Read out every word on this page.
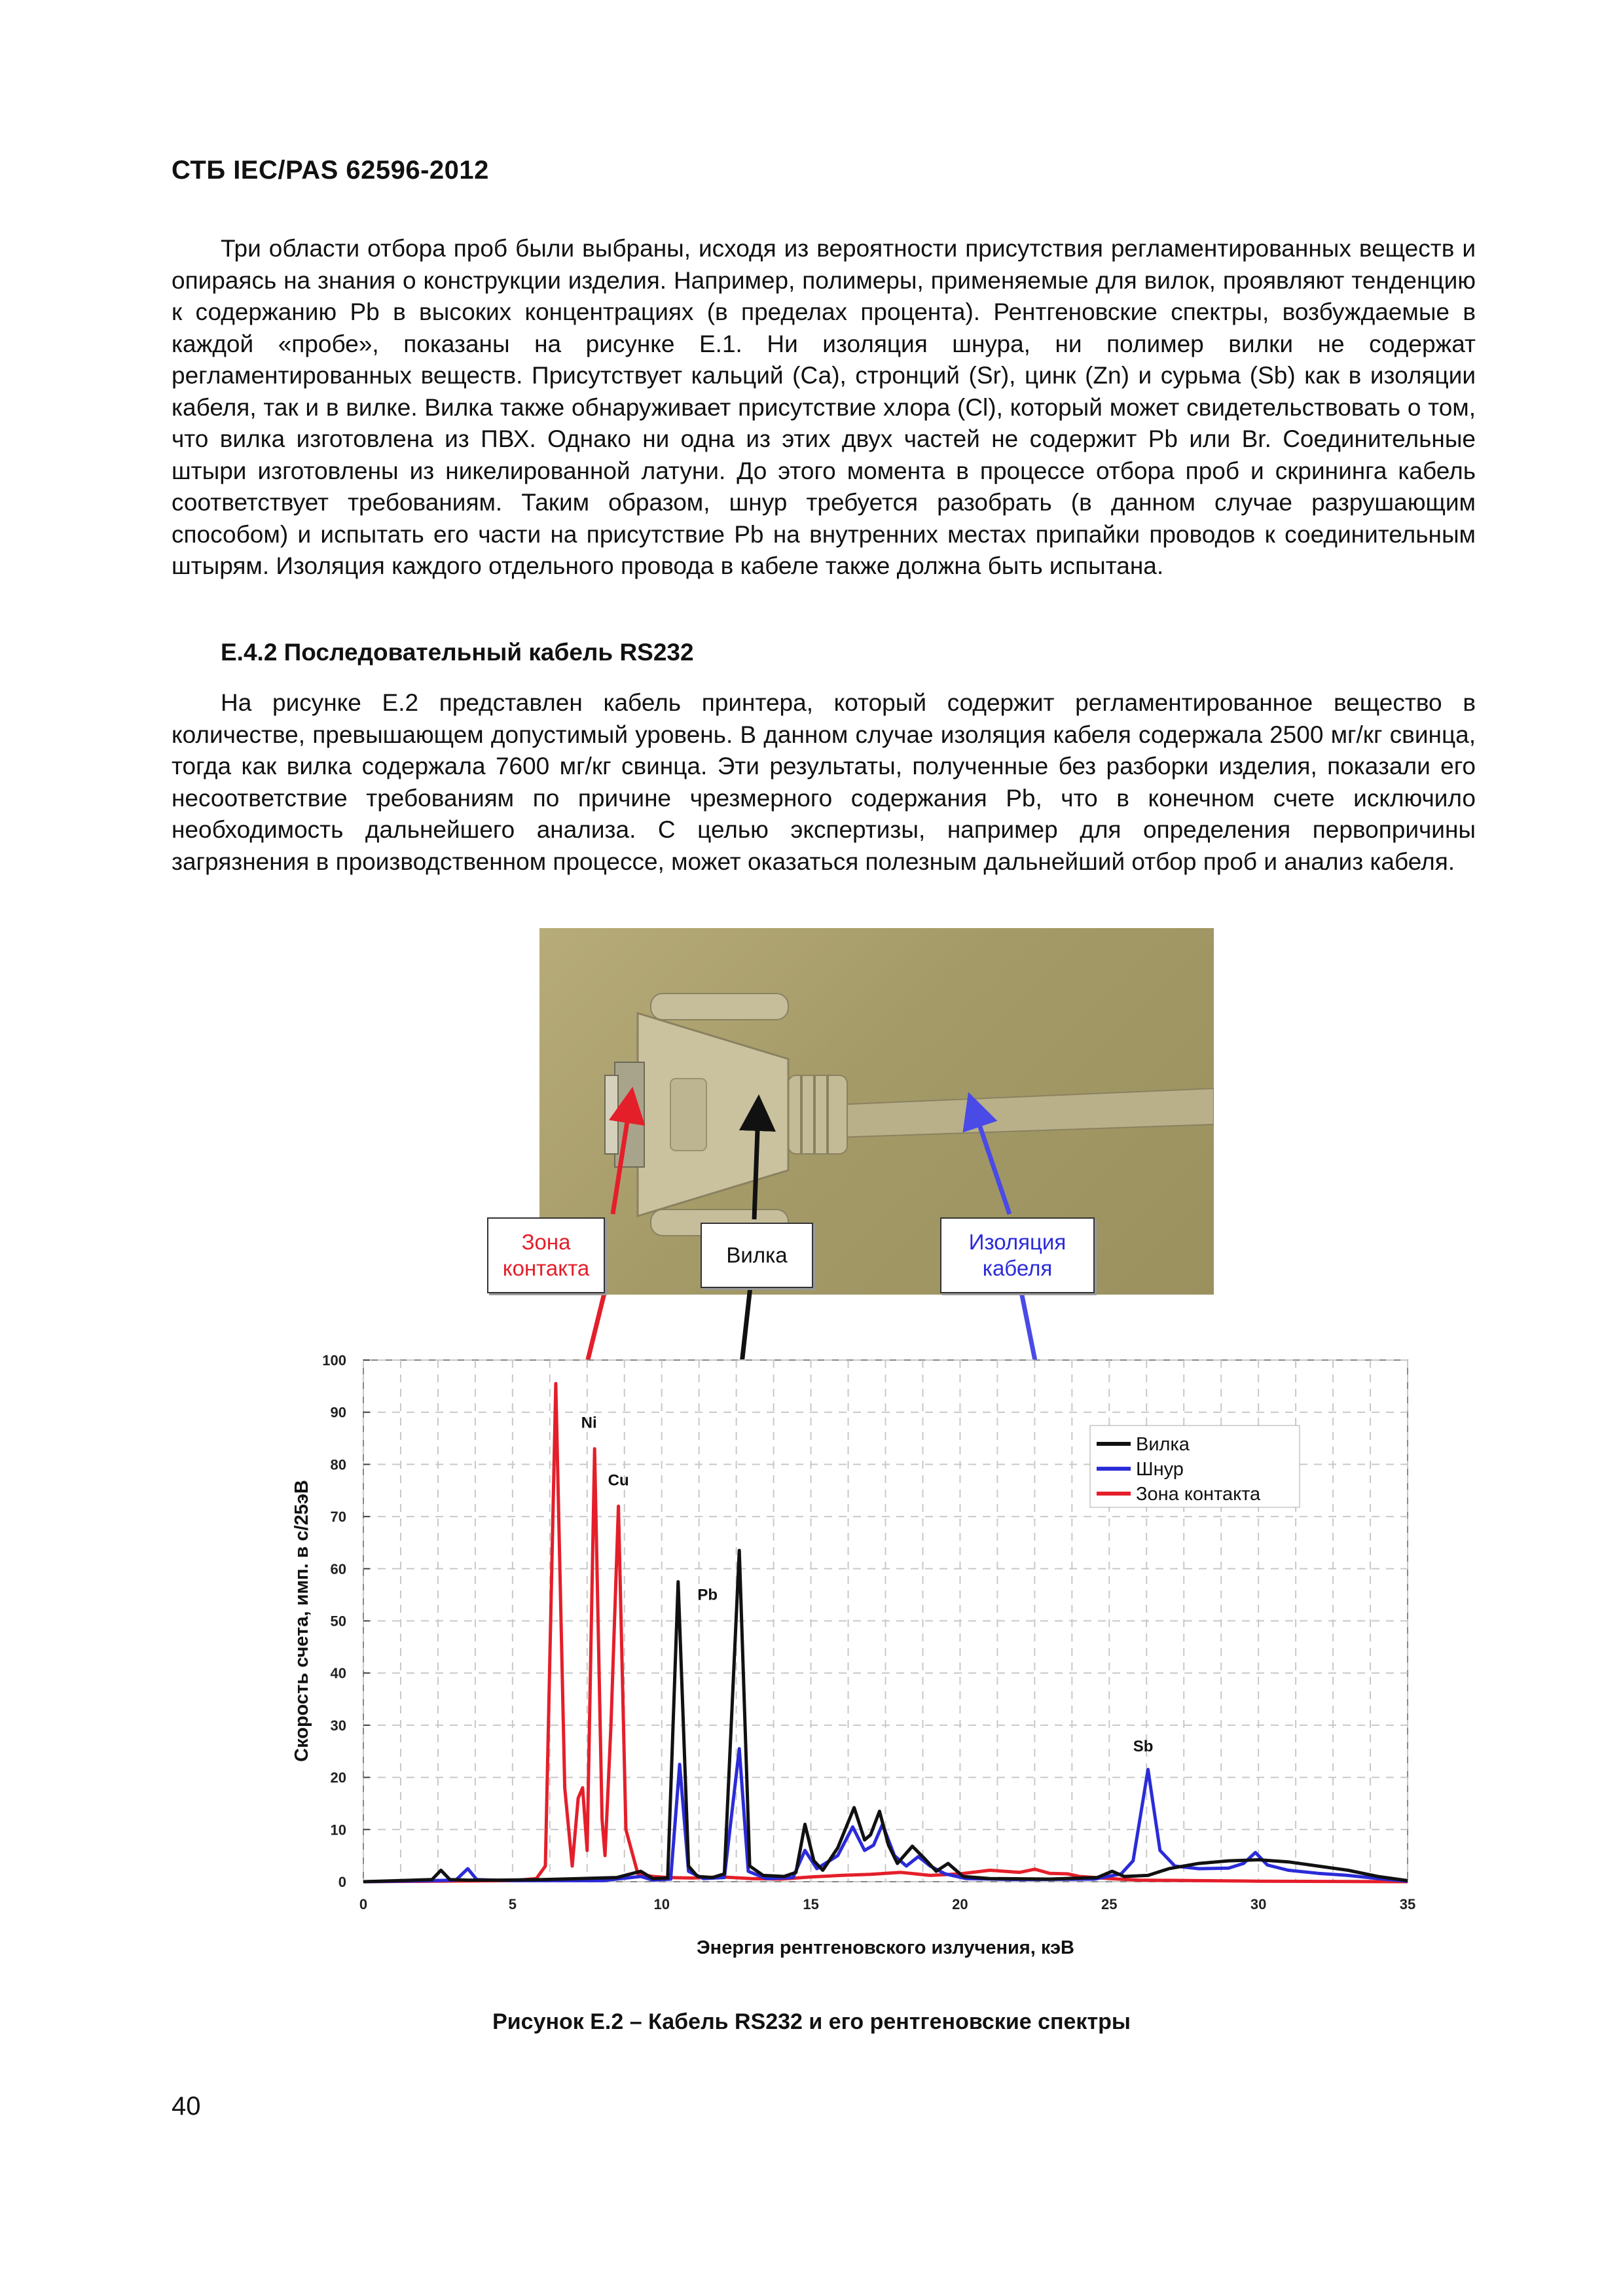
СТБ IEC/PAS 62596-2012

Три области отбора проб были выбраны, исходя из вероятности присутствия регламентированных веществ и опираясь на знания о конструкции изделия. Например, полимеры, применяемые для вилок, проявляют тенденцию к содержанию Pb в высоких концентрациях (в пределах процента). Рентгеновские спектры, возбуждаемые в каждой «пробе», показаны на рисунке Е.1. Ни изоляция шнура, ни полимер вилки не содержат регламентированных веществ. Присутствует кальций (Са), стронций (Sr), цинк (Zn) и сурьма (Sb) как в изоляции кабеля, так и в вилке. Вилка также обнаруживает присутствие хлора (Сl), который может свидетельствовать о том, что вилка изготовлена из ПВХ. Однако ни одна из этих двух частей не содержит Pb или Br. Соединительные штыри изготовлены из никелированной латуни. До этого момента в процессе отбора проб и скрининга кабель соответствует требованиям. Таким образом, шнур требуется разобрать (в данном случае разрушающим способом) и испытать его части на присутствие Pb на внутренних местах припайки проводов к соединительным штырям. Изоляция каждого отдельного провода в кабеле также должна быть испытана.

Е.4.2 Последовательный кабель RS232

На рисунке Е.2 представлен кабель принтера, который содержит регламентированное вещество в количестве, превышающем допустимый уровень. В данном случае изоляция кабеля содержала 2500 мг/кг свинца, тогда как вилка содержала 7600 мг/кг свинца. Эти результаты, полученные без разборки изделия, показали его несоответствие требованиям по причине чрезмерного содержания Pb, что в конечном счете исключило необходимость дальнейшего анализа. С целью экспертизы, например для определения первопричины загрязнения в производственном процессе, может оказаться полезным дальнейший отбор проб и анализ кабеля.

Зона контакта
Вилка
Изоляция кабеля
0
10
20
30
40
50
60
70
80
90
100
0	5	10	15	20	25	30	35
Ni
Cu
Pb
Sb
Энергия рентгеновского излучения, кэВ
Скорость счета, имп. в с/25эВ
Вилка
Шнур
Зона контакта
Рисунок Е.2 – Кабель RS232 и его рентгеновские спектры
40
